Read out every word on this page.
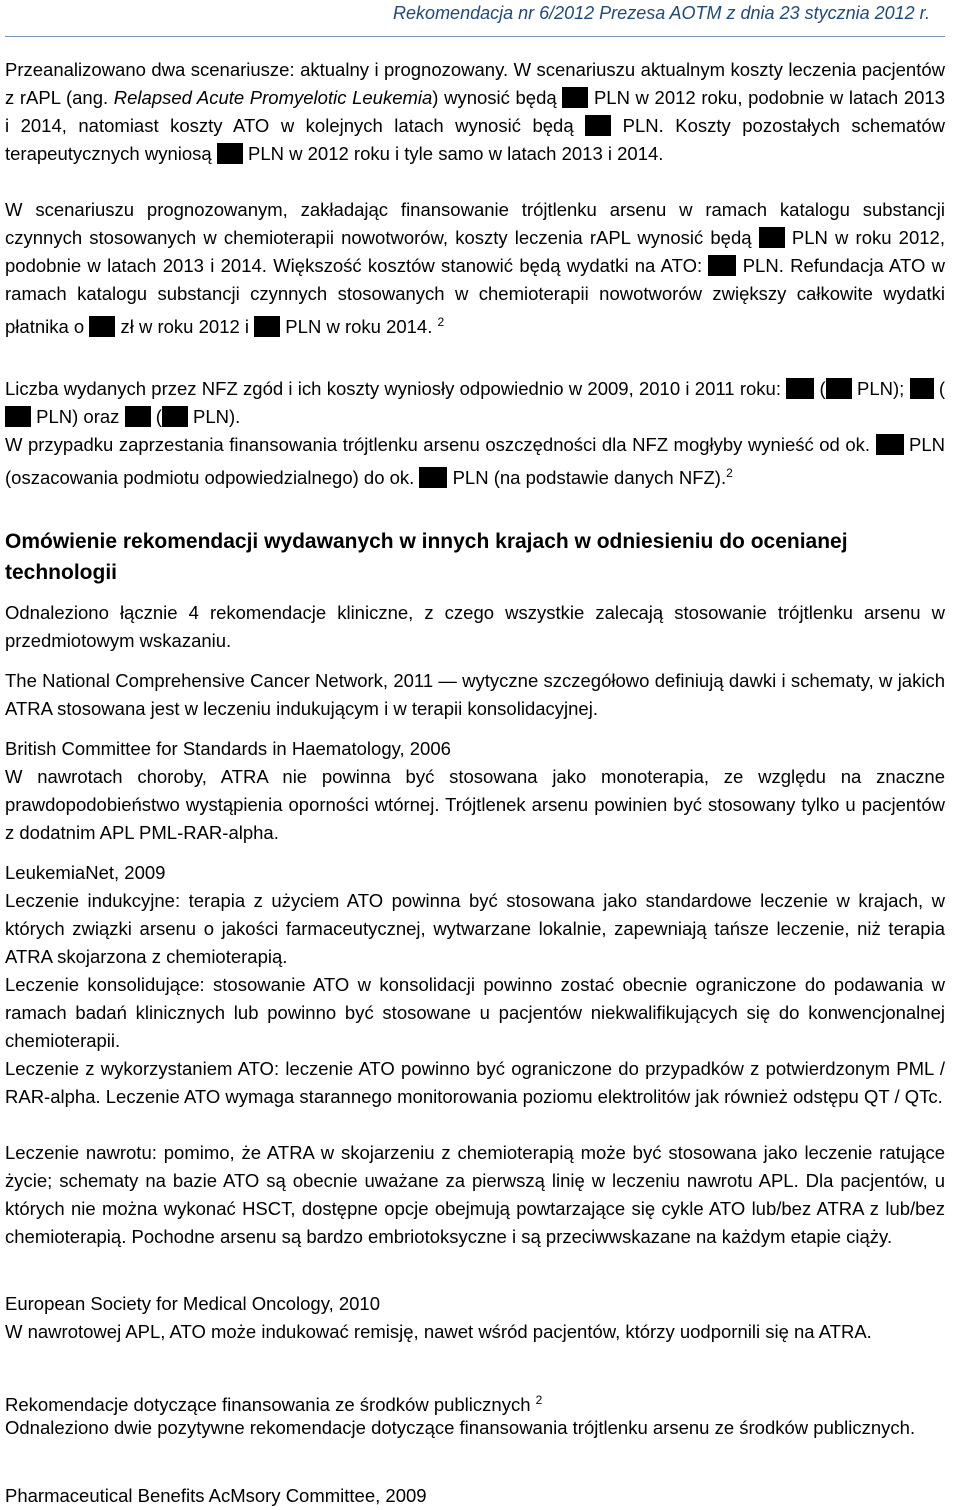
Rekomendacja nr 6/2012 Prezesa AOTM z dnia 23 stycznia 2012 r.
Przeanalizowano dwa scenariusze: aktualny i prognozowany. W scenariuszu aktualnym koszty leczenia pacjentów z rAPL (ang. Relapsed Acute Promyelotic Leukemia) wynosić będą  PLN w 2012 roku, podobnie w latach 2013 i 2014, natomiast koszty ATO w kolejnych latach wynosić będą  PLN. Koszty pozostałych schematów terapeutycznych wyniosą  PLN w 2012 roku i tyle samo w latach 2013 i 2014.
W scenariuszu prognozowanym, zakładając finansowanie trójtlenku arsenu w ramach katalogu substancji czynnych stosowanych w chemioterapii nowotworów, koszty leczenia rAPL wynosić będą  PLN w roku 2012, podobnie w latach 2013 i 2014. Większość kosztów stanowić będą wydatki na ATO:  PLN. Refundacja ATO w ramach katalogu substancji czynnych stosowanych w chemioterapii nowotworów zwiększy całkowite wydatki płatnika o  zł w roku 2012 i  PLN w roku 2014. $^2$
Liczba wydanych przez NFZ zgód i ich koszty wyniosły odpowiednio w 2009, 2010 i 2011 roku:  ( PLN);  ( PLN) oraz  ( PLN).
W przypadku zaprzestania finansowania trójtlenku arsenu oszczędności dla NFZ mogłyby wynieść od ok.  PLN (oszacowania podmiotu odpowiedzialnego) do ok.  PLN (na podstawie danych NFZ).$^2$
Omówienie rekomendacji wydawanych w innych krajach w odniesieniu do ocenianej technologii
Odnaleziono łącznie 4 rekomendacje kliniczne, z czego wszystkie zalecają stosowanie trójtlenku arsenu w przedmiotowym wskazaniu.
The National Comprehensive Cancer Network, 2011 — wytyczne szczegółowo definiują dawki i schematy, w jakich ATRA stosowana jest w leczeniu indukującym i w terapii konsolidacyjnej.
British Committee for Standards in Haematology, 2006
W nawrotach choroby, ATRA nie powinna być stosowana jako monoterapia, ze względu na znaczne prawdopodobieństwo wystąpienia oporności wtórnej. Trójtlenek arsenu powinien być stosowany tylko u pacjentów z dodatnim APL PML-RAR-alpha.
LeukemiaNet, 2009
Leczenie indukcyjne: terapia z użyciem ATO powinna być stosowana jako standardowe leczenie w krajach, w których związki arsenu o jakości farmaceutycznej, wytwarzane lokalnie, zapewniają tańsze leczenie, niż terapia ATRA skojarzona z chemioterapią.
Leczenie konsolidujące: stosowanie ATO w konsolidacji powinno zostać obecnie ograniczone do podawania w ramach badań klinicznych lub powinno być stosowane u pacjentów niekwalifikujących się do konwencjonalnej chemioterapii.
Leczenie z wykorzystaniem ATO: leczenie ATO powinno być ograniczone do przypadków z potwierdzonym PML / RAR-alpha. Leczenie ATO wymaga starannego monitorowania poziomu elektrolitów jak również odstępu QT / QTc.
Leczenie nawrotu: pomimo, że ATRA w skojarzeniu z chemioterapią może być stosowana jako leczenie ratujące życie; schematy na bazie ATO są obecnie uważane za pierwszą linię w leczeniu nawrotu APL. Dla pacjentów, u których nie można wykonać HSCT, dostępne opcje obejmują powtarzające się cykle ATO lub/bez ATRA z lub/bez chemioterapią. Pochodne arsenu są bardzo embriotoksyczne i są przeciwwskazane na każdym etapie ciąży.
European Society for Medical Oncology, 2010
W nawrotowej APL, ATO może indukować remisję, nawet wśród pacjentów, którzy uodpornili się na ATRA.
Rekomendacje dotyczące finansowania ze środków publicznych $^2$
Odnaleziono dwie pozytywne rekomendacje dotyczące finansowania trójtlenku arsenu ze środków publicznych.
Pharmaceutical Benefits AcMsory Committee, 2009
